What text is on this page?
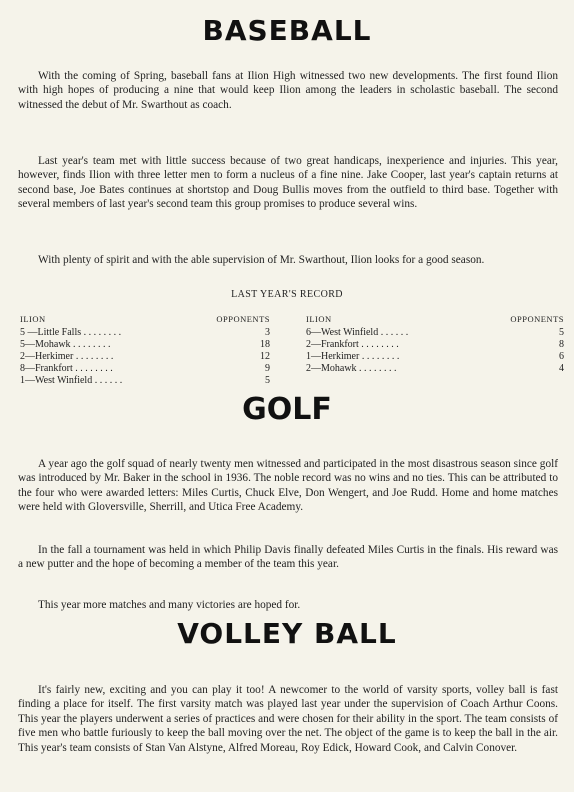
BASEBALL
With the coming of Spring, baseball fans at Ilion High witnessed two new developments. The first found Ilion with high hopes of producing a nine that would keep Ilion among the leaders in scholastic baseball. The second witnessed the debut of Mr. Swarthout as coach.
Last year's team met with little success because of two great handicaps, inexperience and injuries. This year, however, finds Ilion with three letter men to form a nucleus of a fine nine. Jake Cooper, last year's captain returns at second base, Joe Bates continues at shortstop and Doug Bullis moves from the outfield to third base. Together with several members of last year's second team this group promises to produce several wins.
With plenty of spirit and with the able supervision of Mr. Swarthout, Ilion looks for a good season.
LAST YEAR'S RECORD
ILION	OPPONENTS
5 —Little Falls . . . . . . . .	3
5—Mohawk . . . . . . . .	18
2—Herkimer . . . . . . . .	12
8—Frankfort . . . . . . . .	9
1—West Winfield . . . . . .	5
ILION	OPPONENTS
6—West Winfield . . . . . .	5
2—Frankfort . . . . . . . .	8
1—Herkimer . . . . . . . .	6
2—Mohawk . . . . . . . .	4
GOLF
A year ago the golf squad of nearly twenty men witnessed and participated in the most disastrous season since golf was introduced by Mr. Baker in the school in 1936. The noble record was no wins and no ties. This can be attributed to the four who were awarded letters: Miles Curtis, Chuck Elve, Don Wengert, and Joe Rudd. Home and home matches were held with Gloversville, Sherrill, and Utica Free Academy.
In the fall a tournament was held in which Philip Davis finally defeated Miles Curtis in the finals. His reward was a new putter and the hope of becoming a member of the team this year.
This year more matches and many victories are hoped for.
VOLLEY BALL
It's fairly new, exciting and you can play it too! A newcomer to the world of varsity sports, volley ball is fast finding a place for itself. The first varsity match was played last year under the supervision of Coach Arthur Coons. This year the players underwent a series of practices and were chosen for their ability in the sport. The team consists of five men who battle furiously to keep the ball moving over the net. The object of the game is to keep the ball in the air. This year's team consists of Stan Van Alstyne, Alfred Moreau, Roy Edick, Howard Cook, and Calvin Conover.
